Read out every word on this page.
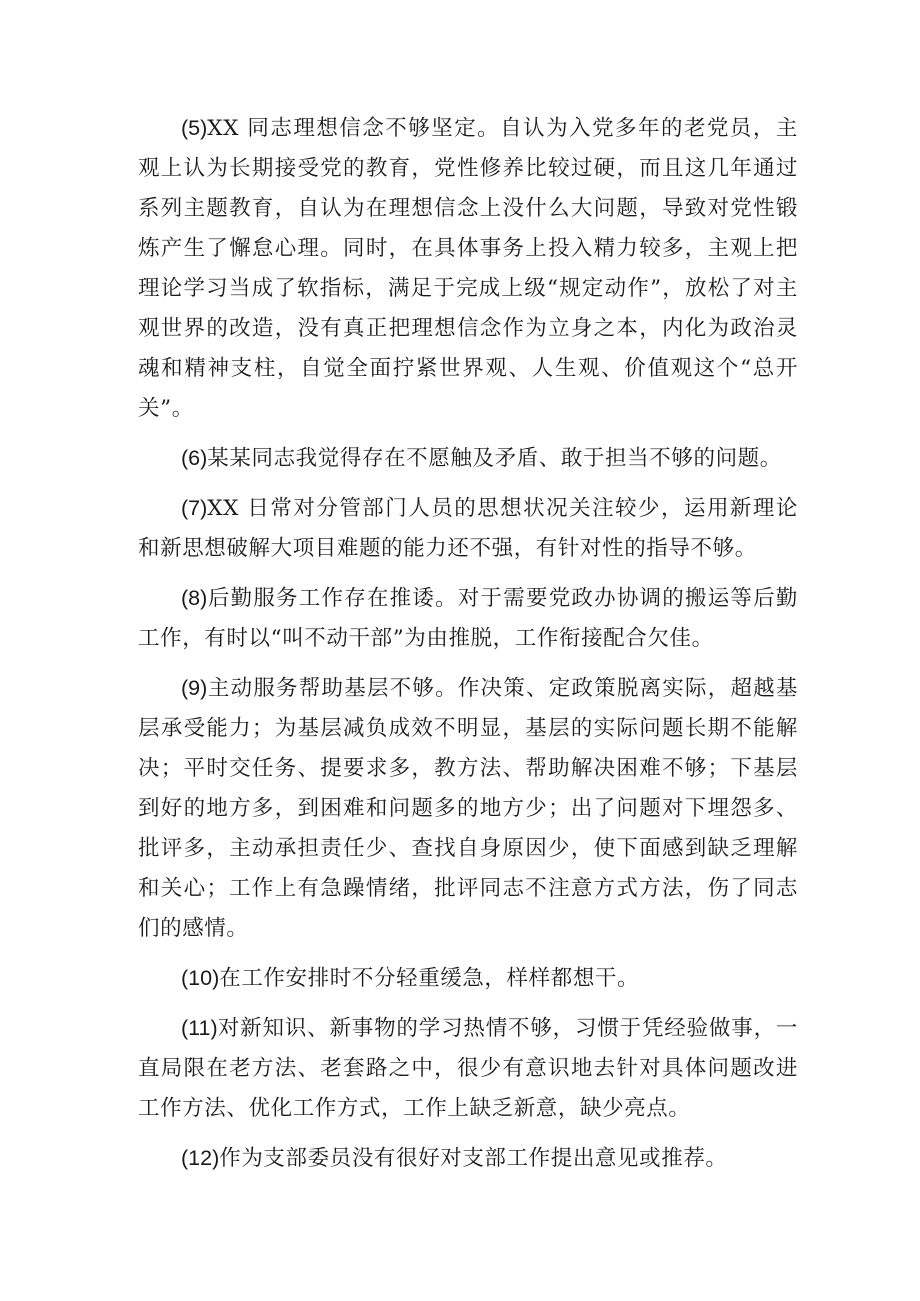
(5)XX 同志理想信念不够坚定。自认为入党多年的老党员，主观上认为长期接受党的教育，党性修养比较过硬，而且这几年通过系列主题教育，自认为在理想信念上没什么大问题，导致对党性锻炼产生了懈怠心理。同时，在具体事务上投入精力较多，主观上把理论学习当成了软指标，满足于完成上级“规定动作”，放松了对主观世界的改造，没有真正把理想信念作为立身之本，内化为政治灵魂和精神支柱，自觉全面拧紧世界观、人生观、价值观这个“总开关”。

(6)某某同志我觉得存在不愿触及矛盾、敢于担当不够的问题。

(7)XX 日常对分管部门人员的思想状况关注较少，运用新理论和新思想破解大项目难题的能力还不强，有针对性的指导不够。

(8)后勤服务工作存在推诿。对于需要党政办协调的搬运等后勤工作，有时以“叫不动干部”为由推脱，工作衔接配合欠佳。

(9)主动服务帮助基层不够。作决策、定政策脱离实际，超越基层承受能力；为基层减负成效不明显，基层的实际问题长期不能解决；平时交任务、提要求多，教方法、帮助解决困难不够；下基层到好的地方多，到困难和问题多的地方少；出了问题对下埋怨多、批评多，主动承担责任少、查找自身原因少，使下面感到缺乏理解和关心；工作上有急躁情绪，批评同志不注意方式方法，伤了同志们的感情。

(10)在工作安排时不分轻重缓急，样样都想干。

(11)对新知识、新事物的学习热情不够，习惯于凭经验做事，一直局限在老方法、老套路之中，很少有意识地去针对具体问题改进工作方法、优化工作方式，工作上缺乏新意，缺少亮点。

(12)作为支部委员没有很好对支部工作提出意见或推荐。
